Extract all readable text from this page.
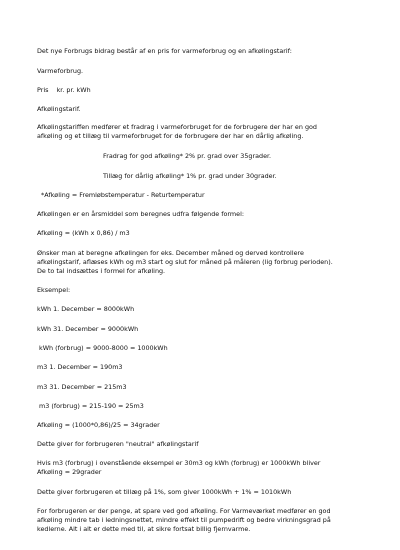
Det nye Forbrugs bidrag består af en pris for varmeforbrug og en afkølingstarif:

Varmeforbrug.

Pris    kr. pr. kWh

Afkølingstarif.

Afkølingstariffen medfører et fradrag i varmeforbruget for de forbrugere der har en god

afkøling og et tillæg til varmeforbruget for de forbrugere der har en dårlig afkøling.

Fradrag for god afkøling* 2% pr. grad over 35grader.

Tillæg for dårlig afkøling* 1% pr. grad under 30grader.

*Afkøling = Fremløbstemperatur - Returtemperatur

Afkølingen er en årsmiddel som beregnes udfra følgende formel:

Afkøling = (kWh x 0,86) / m3

Ønsker man at beregne afkølingen for eks. December måned og derved kontrollere

afkølingstarif, aflæses kWh og m3 start og slut for måned på måleren (lig forbrug perioden).

De to tal indsættes i formel for afkøling.

Eksempel:

kWh 1. December = 8000kWh

kWh 31. December = 9000kWh

kWh (forbrug) = 9000-8000 = 1000kWh

m3 1. December = 190m3

m3 31. December = 215m3

m3 (forbrug) = 215-190 = 25m3

Afkøling = (1000*0,86)/25 = 34grader

Dette giver for forbrugeren "neutral" afkølingstarif

Hvis m3 (forbrug) i ovenstående eksempel er 30m3 og kWh (forbrug) er 1000kWh bliver

Afkøling = 29grader

Dette giver forbrugeren et tillæg på 1%, som giver 1000kWh + 1% = 1010kWh

For forbrugeren er der penge, at spare ved god afkøling. For Varmeværket medfører en god

afkøling mindre tab i ledningsnettet, mindre effekt til pumpedrift og bedre virkningsgrad på

kedlerne. Alt i alt er dette med til, at sikre fortsat billig fjernvarme.
